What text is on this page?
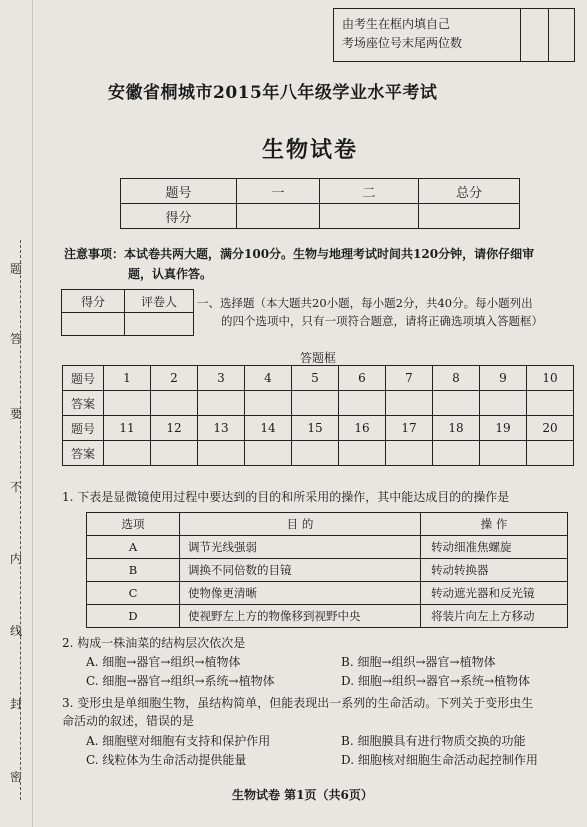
题
答
要
不
内
线
封
密
由考生在框内填自己
考场座位号末尾两位数
安徽省桐城市2015年八年级学业水平考试
生物试卷
题号	一	二	总分
得分			
注意事项：本试卷共两大题，满分100分。生物与地理考试时间共120分钟，请你仔细审
题，认真作答。
得分	评卷人
	一、选择题（本大题共20小题，每小题2分，共40分。每小题列出
的四个选项中，只有一项符合题意，请将正确选项填入答题框）
答题框
题号	1	2	3	4	5	6	7	8	9	10
答案										
题号	11	12	13	14	15	16	17	18	19	20
答案										
1. 下表是显微镜使用过程中要达到的目的和所采用的操作，其中能达成目的的操作是
选项	目 的	操 作
A	调节光线强弱	转动细准焦螺旋
B	调换不同倍数的目镜	转动转换器
C	使物像更清晰	转动遮光器和反光镜
D	使视野左上方的物像移到视野中央	将装片向左上方移动
2. 构成一株油菜的结构层次依次是
A. 细胞→器官→组织→植物体	B. 细胞→组织→器官→植物体
C. 细胞→器官→组织→系统→植物体	D. 细胞→组织→器官→系统→植物体
3. 变形虫是单细胞生物，虽结构简单，但能表现出一系列的生命活动。下列关于变形虫生
命活动的叙述，错误的是
A. 细胞壁对细胞有支持和保护作用	B. 细胞膜具有进行物质交换的功能
C. 线粒体为生命活动提供能量	D. 细胞核对细胞生命活动起控制作用
生物试卷 第1页（共6页）
